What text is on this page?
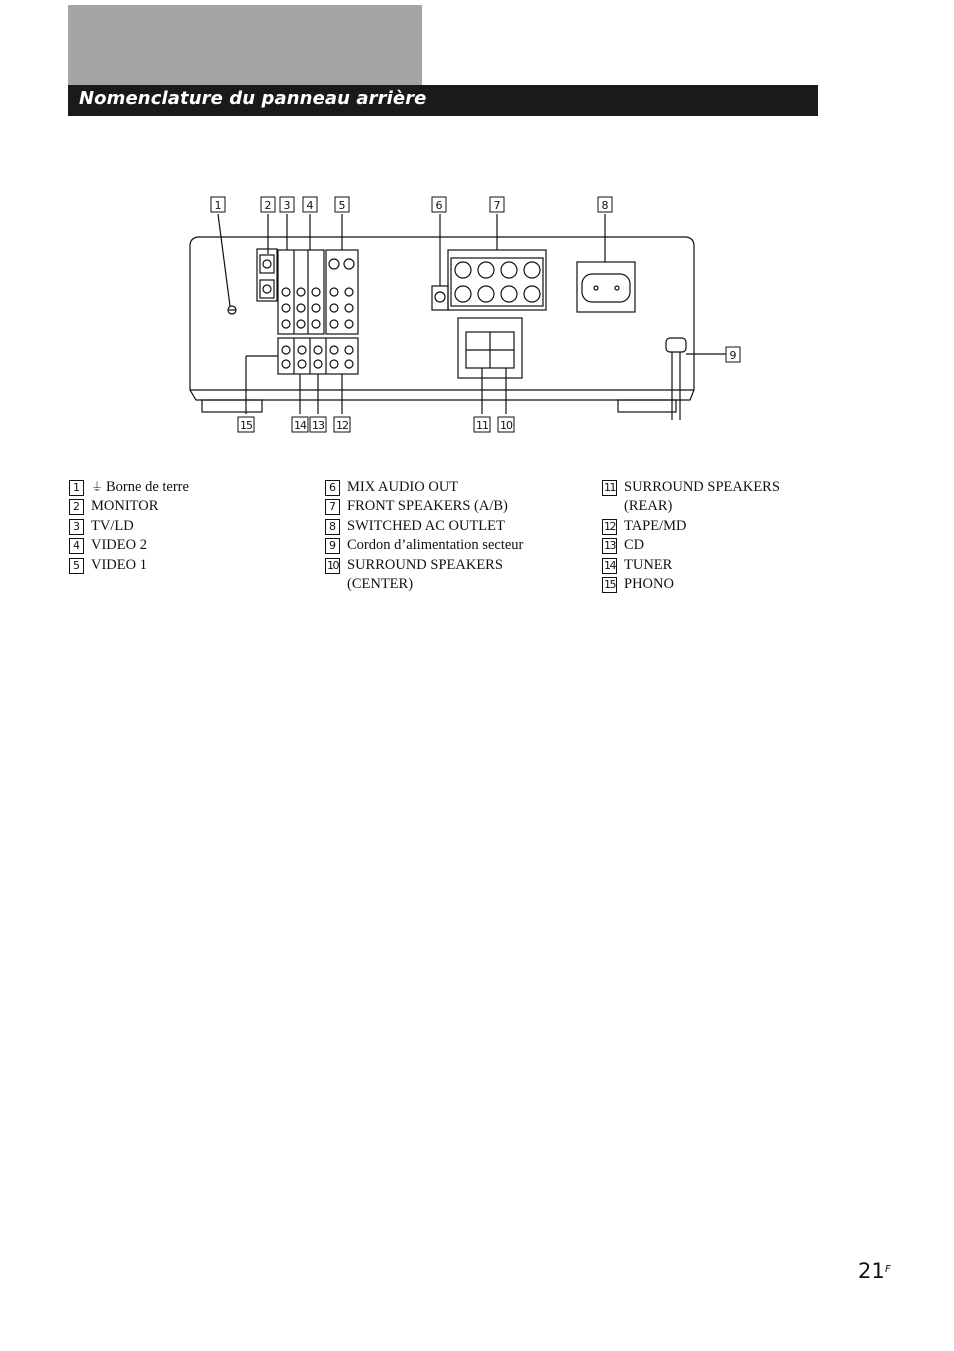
Nomenclature du panneau arrière
1	2 3 4 5	6	7	8
9
15	14 13 12	11 10
1 ⏚ Borne de terre
2 MONITOR
3 TV/LD
4 VIDEO 2
5 VIDEO 1
6 MIX AUDIO OUT
7 FRONT SPEAKERS (A/B)
8 SWITCHED AC OUTLET
9 Cordon d’alimentation secteur
10 SURROUND SPEAKERS
(CENTER)
11 SURROUND SPEAKERS
(REAR)
12 TAPE/MD
13 CD
14 TUNER
15 PHONO
21 F
